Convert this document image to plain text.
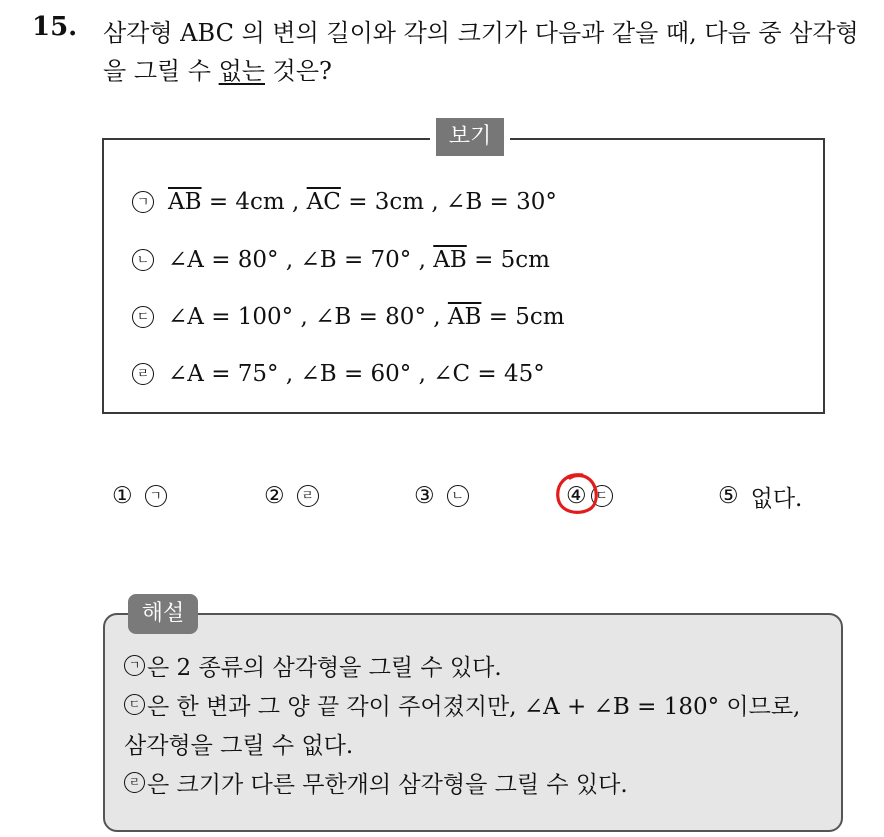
15. 삼각형 ABC 의 변의 길이와 각의 크기가 다음과 같을 때, 다음 중 삼각형을 그릴 수 없는 것은?
보기
ㄱ $\overline{AB} = 4cm$ , $\overline{AC} = 3cm$ , ∠B = 30°
ㄴ ∠A = 80° , ∠B = 70° , $\overline{AB} = 5cm$
ㄷ ∠A = 100° , ∠B = 80° , $\overline{AB} = 5cm$
ㄹ ∠A = 75° , ∠B = 60° , ∠C = 45°
①	ㄱ	②	ㄹ	③	ㄴ	④ ㄷ	⑤ 없다.
해설
ㄱ 은 2 종류의 삼각형을 그릴 수 있다.
ㄷ 은 한 변과 그 양 끝 각이 주어졌지만, ∠A + ∠B = 180° 이므로,
삼각형을 그릴 수 없다.
ㄹ 은 크기가 다른 무한개의 삼각형을 그릴 수 있다.
